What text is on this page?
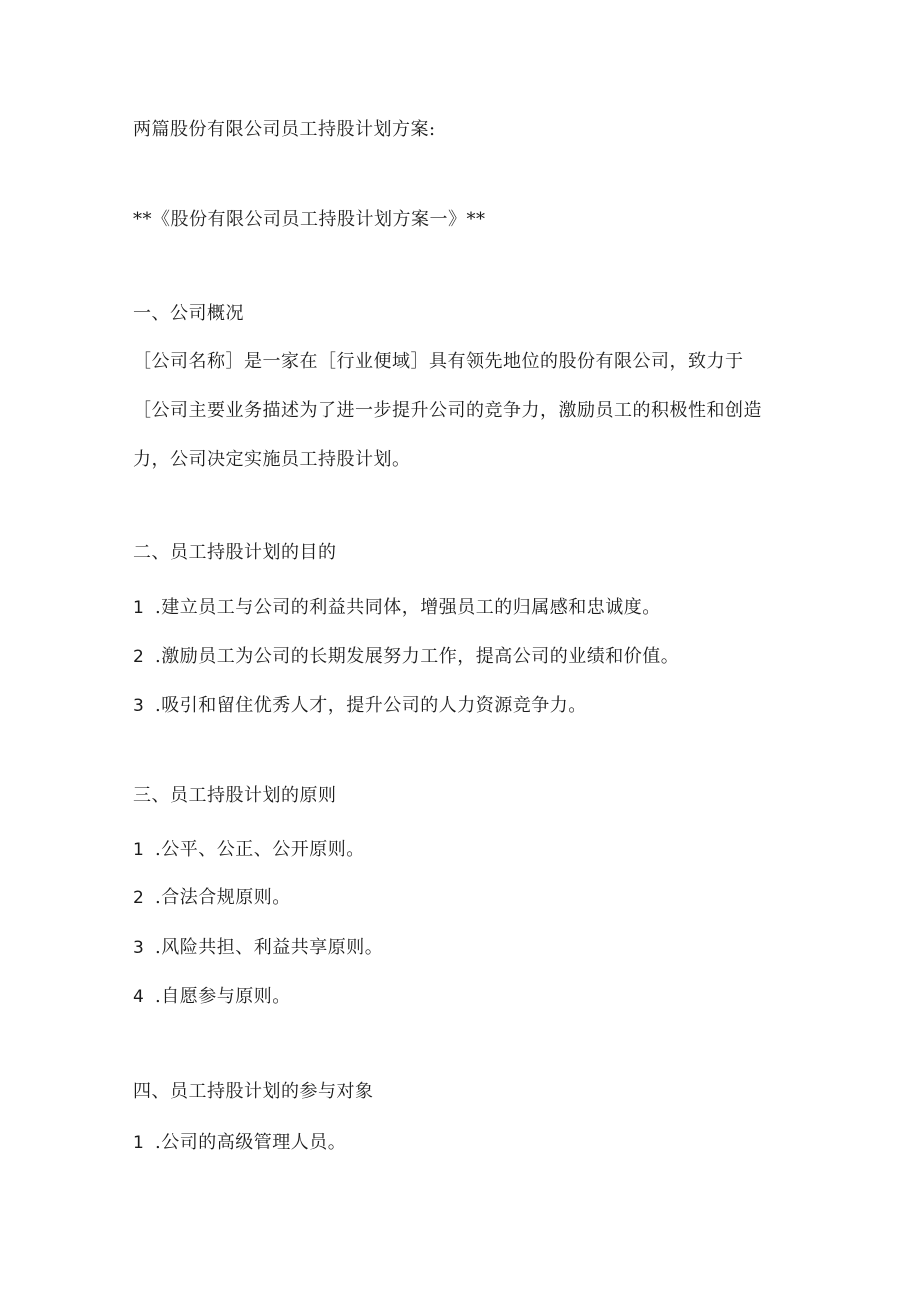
两篇股份有限公司员工持股计划方案:
**《股份有限公司员工持股计划方案一》**
一、公司概况
［公司名称］是一家在［行业便域］具有领先地位的股份有限公司，致力于
［公司主要业务描述为了进一步提升公司的竞争力，激励员工的积极性和创造
力，公司决定实施员工持股计划。
二、员工持股计划的目的
1 .建立员工与公司的利益共同体，增强员工的归属感和忠诚度。
2 .激励员工为公司的长期发展努力工作，提高公司的业绩和价值。
3 .吸引和留住优秀人才，提升公司的人力资源竞争力。
三、员工持股计划的原则
1 .公平、公正、公开原则。
2 .合法合规原则。
3 .风险共担、利益共享原则。
4 .自愿参与原则。
四、员工持股计划的参与对象
1 .公司的高级管理人员。
